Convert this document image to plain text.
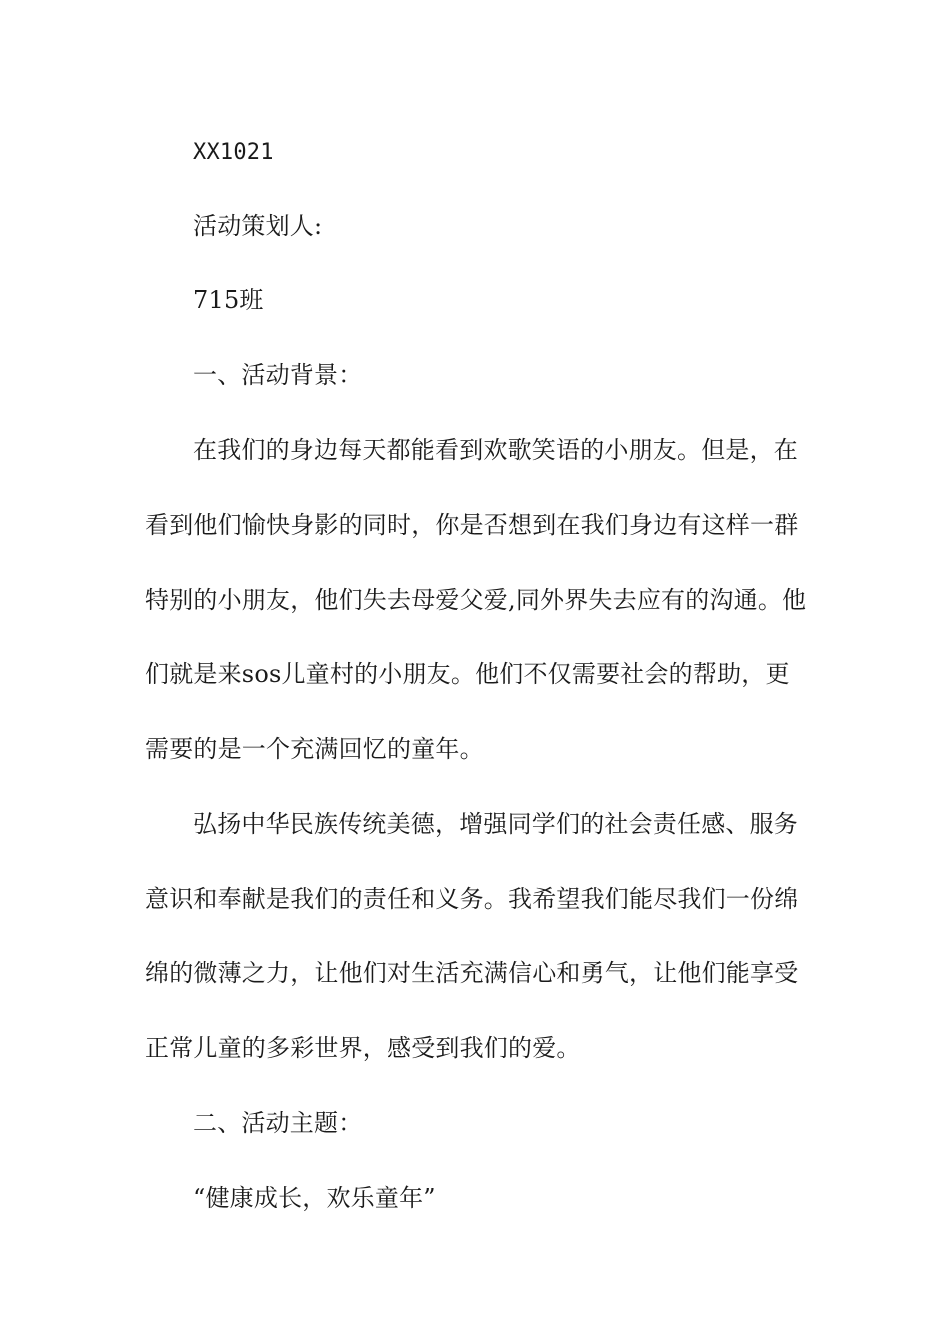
XX1021
活动策划人:
715班
一、活动背景：
在我们的身边每天都能看到欢歌笑语的小朋友。但是，在
看到他们愉快身影的同时，你是否想到在我们身边有这样一群
特别的小朋友，他们失去母爱父爱,同外界失去应有的沟通。他
们就是来sos儿童村的小朋友。他们不仅需要社会的帮助，更
需要的是一个充满回忆的童年。
弘扬中华民族传统美德，增强同学们的社会责任感、服务
意识和奉献是我们的责任和义务。我希望我们能尽我们一份绵
绵的微薄之力，让他们对生活充满信心和勇气，让他们能享受
正常儿童的多彩世界，感受到我们的爱。
二、活动主题：
“健康成长，欢乐童年”
